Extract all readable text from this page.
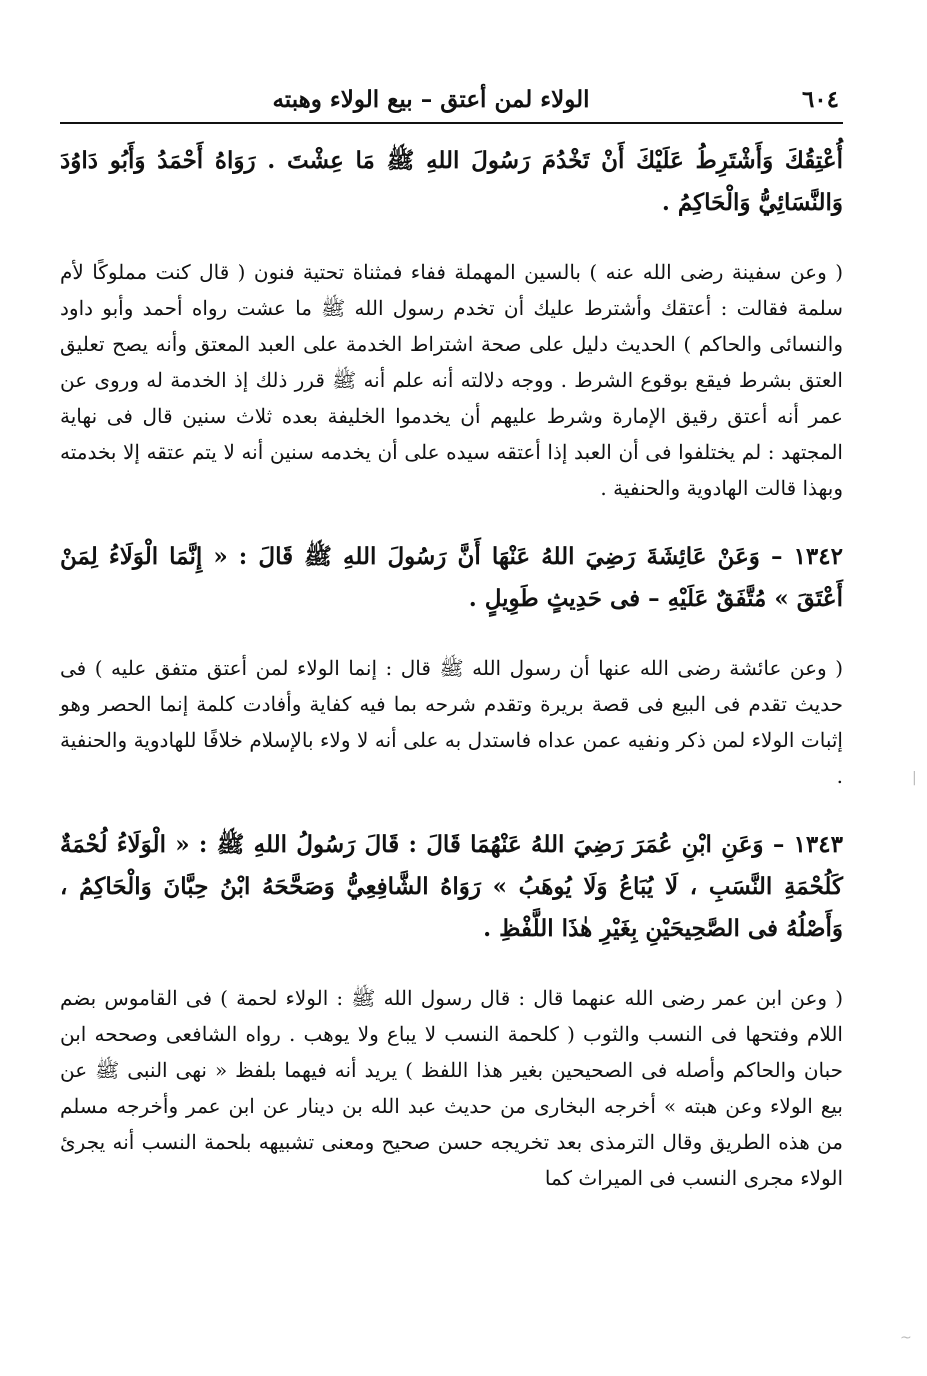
٦٠٤
الولاء لمن أعتق – بيع الولاء وهبته

أُعْتِقُكَ وَأَشْتَرِطُ عَلَيْكَ أَنْ تَخْدُمَ رَسُولَ اللهِ ﷺ مَا عِشْتَ . رَوَاهُ أَحْمَدُ وَأَبُو دَاوُدَ وَالنَّسَائِيُّ وَالْحَاكِمُ .

( وعن سفينة رضى الله عنه ) بالسين المهملة ففاء فمثناة تحتية فنون ( قال كنت مملوكًا لأم سلمة فقالت : أعتقك وأشترط عليك أن تخدم رسول الله ﷺ ما عشت رواه أحمد وأبو داود والنسائى والحاكم ) الحديث دليل على صحة اشتراط الخدمة على العبد المعتق وأنه يصح تعليق العتق بشرط فيقع بوقوع الشرط . ووجه دلالته أنه علم أنه ﷺ قرر ذلك إذ الخدمة له وروى عن عمر أنه أعتق رقيق الإمارة وشرط عليهم أن يخدموا الخليفة بعده ثلاث سنين قال فى نهاية المجتهد : لم يختلفوا فى أن العبد إذا أعتقه سيده على أن يخدمه سنين أنه لا يتم عتقه إلا بخدمته وبهذا قالت الهادوية والحنفية .

١٣٤٢ – وَعَنْ عَائِشَةَ رَضِيَ اللهُ عَنْهَا أَنَّ رَسُولَ اللهِ ﷺ قَالَ : « إِنَّمَا الْوَلَاءُ لِمَنْ أَعْتَقَ » مُتَّفَقٌ عَلَيْهِ – فى حَدِيثٍ طَوِيلٍ .

( وعن عائشة رضى الله عنها أن رسول الله ﷺ قال : إنما الولاء لمن أعتق متفق عليه ) فى حديث تقدم فى البيع فى قصة بريرة وتقدم شرحه بما فيه كفاية وأفادت كلمة إنما الحصر وهو إثبات الولاء لمن ذكر ونفيه عمن عداه فاستدل به على أنه لا ولاء بالإسلام خلافًا للهادوية والحنفية .

١٣٤٣ – وَعَنِ ابْنِ عُمَرَ رَضِيَ اللهُ عَنْهُمَا قَالَ : قَالَ رَسُولُ اللهِ ﷺ : « الْوَلَاءُ لُحْمَةٌ كَلُحْمَةِ النَّسَبِ ، لَا يُبَاعُ وَلَا يُوهَبُ » رَوَاهُ الشَّافِعِيُّ وَصَحَّحَهُ ابْنُ حِبَّانَ وَالْحَاكِمُ ، وَأَصْلُهُ فى الصَّحِيحَيْنِ بِغَيْرِ هٰذَا اللَّفْظِ .

( وعن ابن عمر رضى الله عنهما قال : قال رسول الله ﷺ : الولاء لحمة ) فى القاموس بضم اللام وفتحها فى النسب والثوب ( كلحمة النسب لا يباع ولا يوهب . رواه الشافعى وصححه ابن حبان والحاكم وأصله فى الصحيحين بغير هذا اللفظ ) يريد أنه فيهما بلفظ « نهى النبى ﷺ عن بيع الولاء وعن هبته » أخرجه البخارى من حديث عبد الله بن دينار عن ابن عمر وأخرجه مسلم من هذه الطريق وقال الترمذى بعد تخريجه حسن صحيح ومعنى تشبيهه بلحمة النسب أنه يجرئ الولاء مجرى النسب فى الميراث كما

|
~
